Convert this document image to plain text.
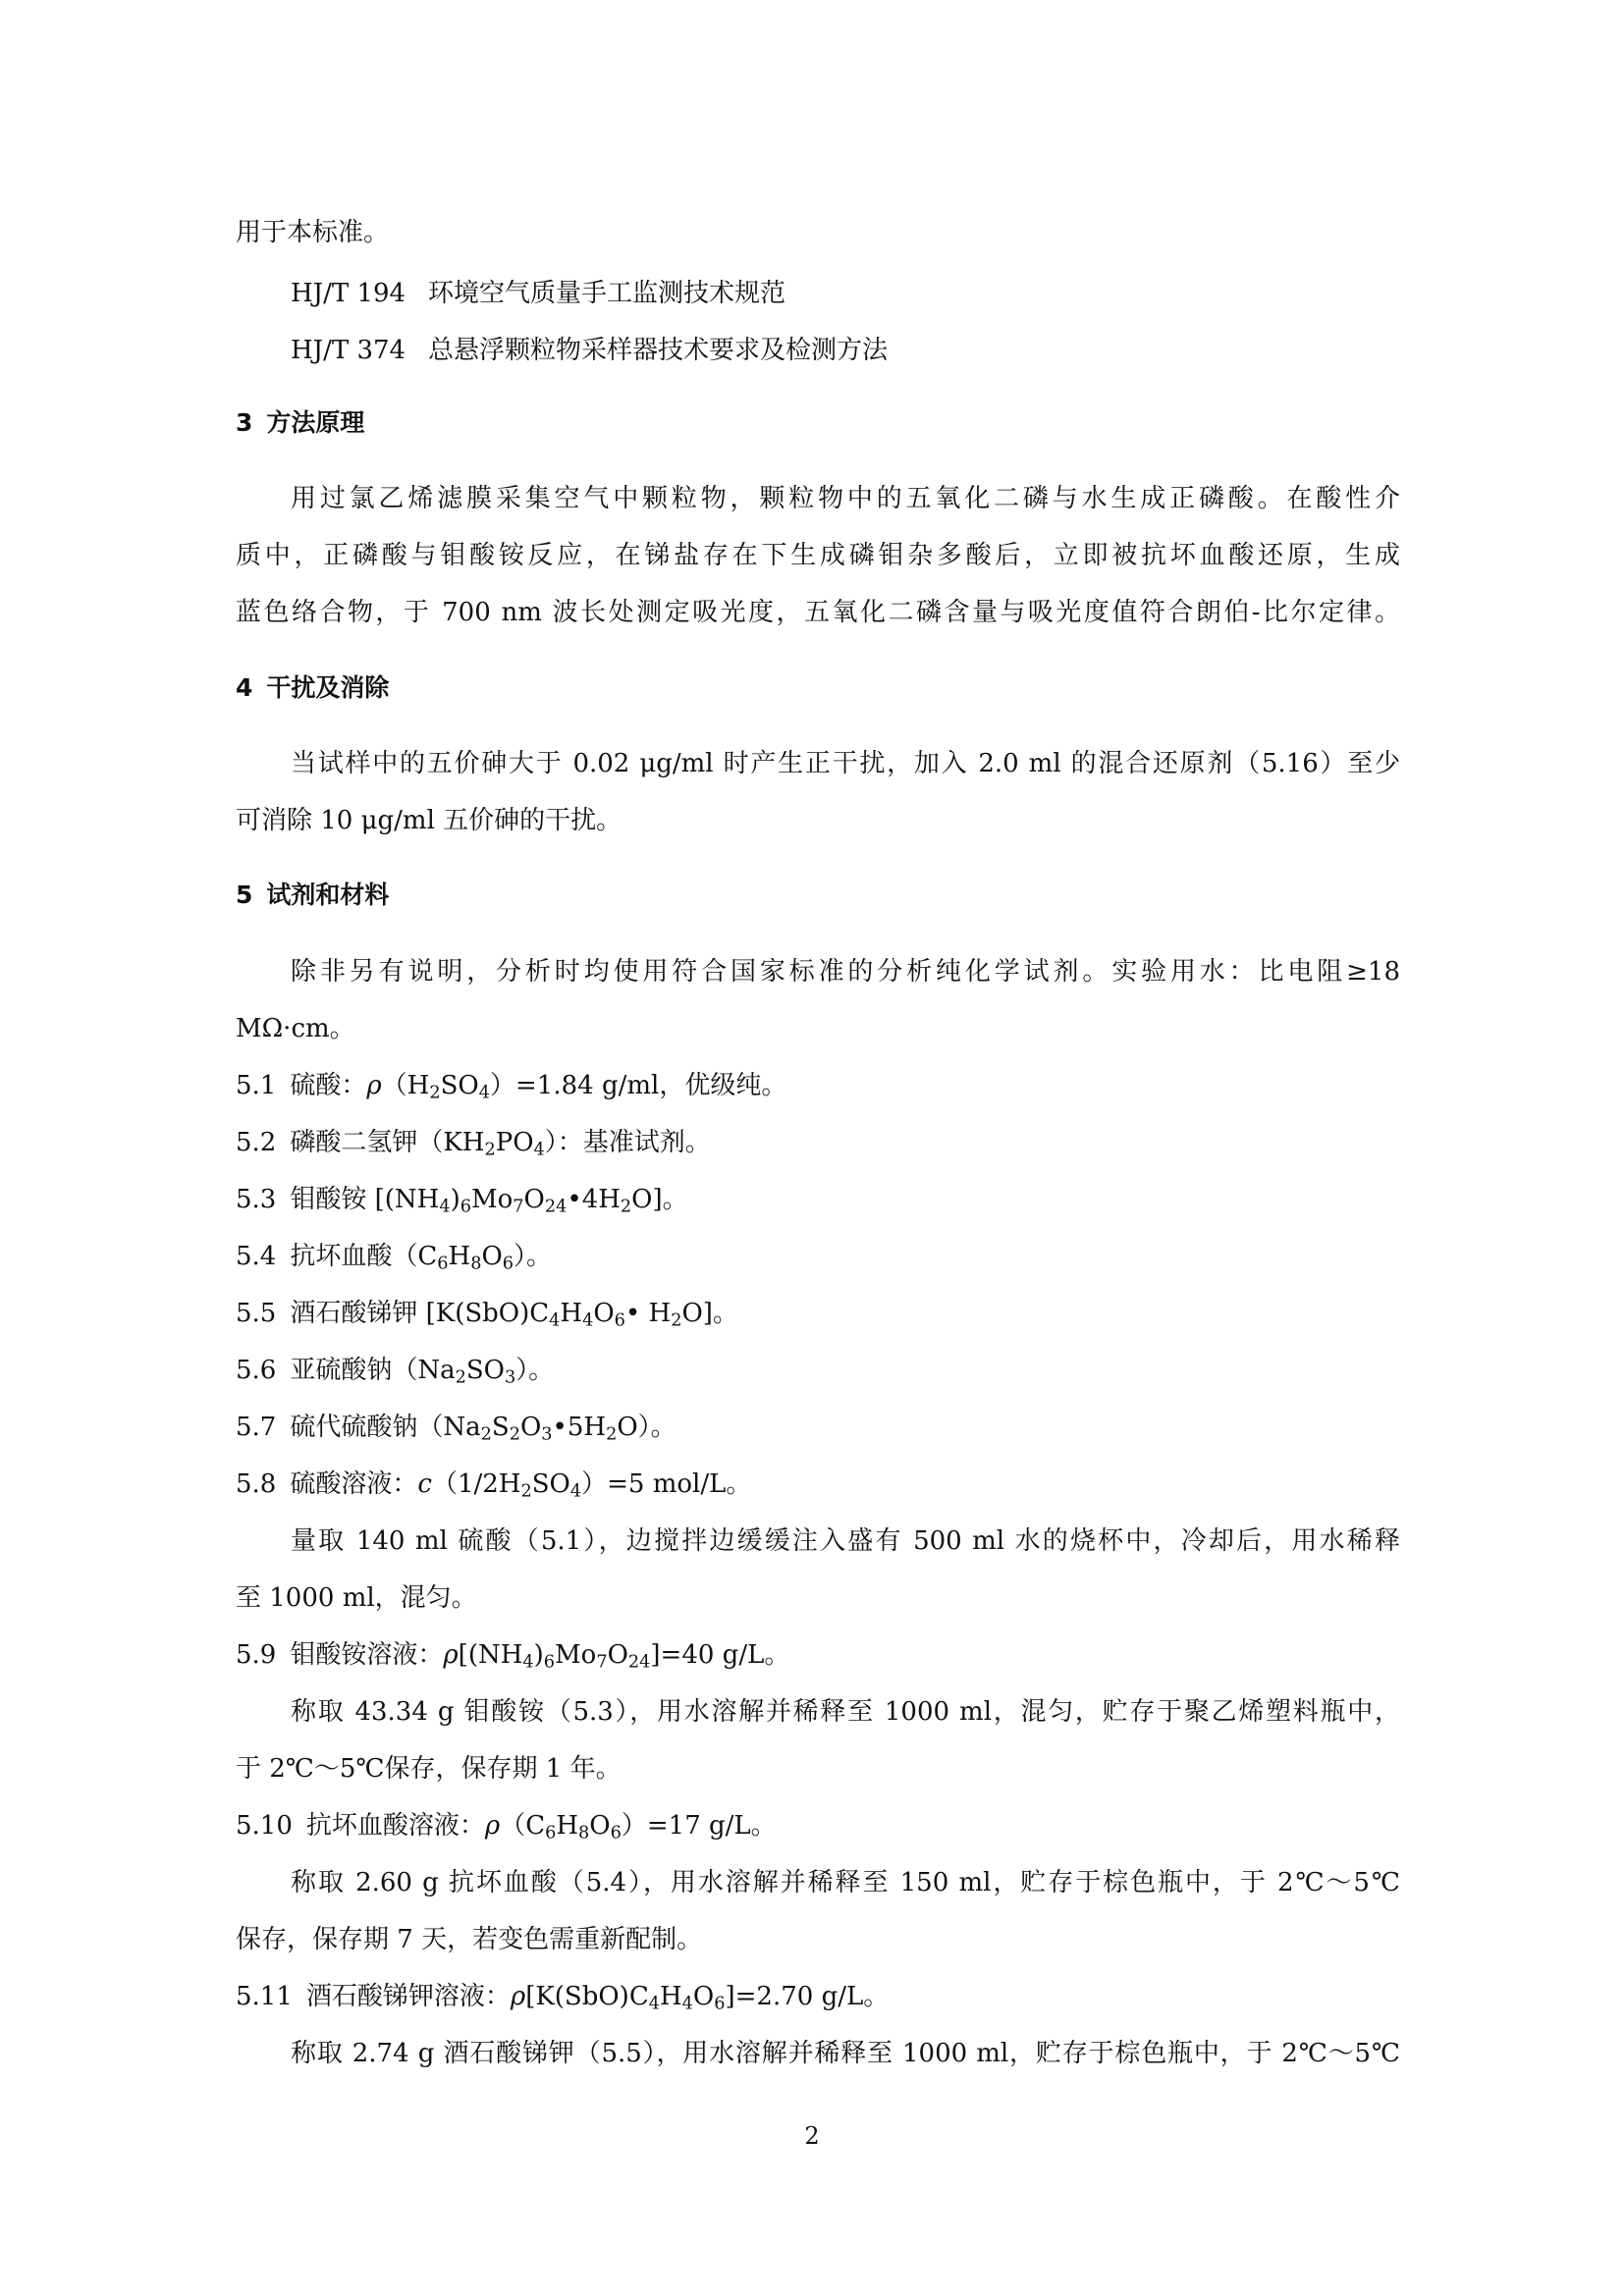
用于本标准。
HJ/T 194 环境空气质量手工监测技术规范
HJ/T 374 总悬浮颗粒物采样器技术要求及检测方法
3 方法原理
用过氯乙烯滤膜采集空气中颗粒物，颗粒物中的五氧化二磷与水生成正磷酸。在酸性介
质中，正磷酸与钼酸铵反应，在锑盐存在下生成磷钼杂多酸后，立即被抗坏血酸还原，生成
蓝色络合物，于 700 nm 波长处测定吸光度，五氧化二磷含量与吸光度值符合朗伯-比尔定律。
4 干扰及消除
当试样中的五价砷大于 0.02 μg/ml 时产生正干扰，加入 2.0 ml 的混合还原剂（5.16）至少
可消除 10 μg/ml 五价砷的干扰。
5 试剂和材料
除非另有说明，分析时均使用符合国家标准的分析纯化学试剂。实验用水：比电阻≥18
MΩ·cm。
5.1 硫酸：$\rho(H_2SO_4)=1.84$ g/ml，优级纯。
5.2 磷酸二氢钾$(KH_2PO_4)$：基准试剂。
5.3 钼酸铵 $[(NH_4)_6Mo_7O_{24}•4H_2O]$。
5.4 抗坏血酸$(C_6H_8O_6)$。
5.5 酒石酸锑钾 [$K(SbO)C_4H_4O_6•$ $H_2O$]。
5.6 亚硫酸钠$(Na_2SO_3)$。
5.7 硫代硫酸钠$(Na_2S_2O_3•5H_2O)$。
5.8 硫酸溶液：$c(1/2H_2SO_4)=5$ mol/L。
量取 140 ml 硫酸（5.1），边搅拌边缓缓注入盛有 500 ml 水的烧杯中，冷却后，用水稀释
至 1000 ml，混匀。
5.9 钼酸铵溶液：$\rho[(NH_4)_6Mo_7O_{24}]=40$ g/L。
称取 43.34 g 钼酸铵（5.3），用水溶解并稀释至 1000 ml，混匀，贮存于聚乙烯塑料瓶中，
于 2℃～5℃保存，保存期 1 年。
5.10 抗坏血酸溶液：$\rho(C_6H_8O_6)=17$ g/L。
称取 2.60 g 抗坏血酸（5.4），用水溶解并稀释至 150 ml，贮存于棕色瓶中，于 2℃～5℃
保存，保存期 7 天，若变色需重新配制。
5.11 酒石酸锑钾溶液：$\rho[K(SbO)C_4H_4O_6]=2.70$ g/L。
称取 2.74 g 酒石酸锑钾（5.5），用水溶解并稀释至 1000 ml，贮存于棕色瓶中，于 2℃～5℃
2
